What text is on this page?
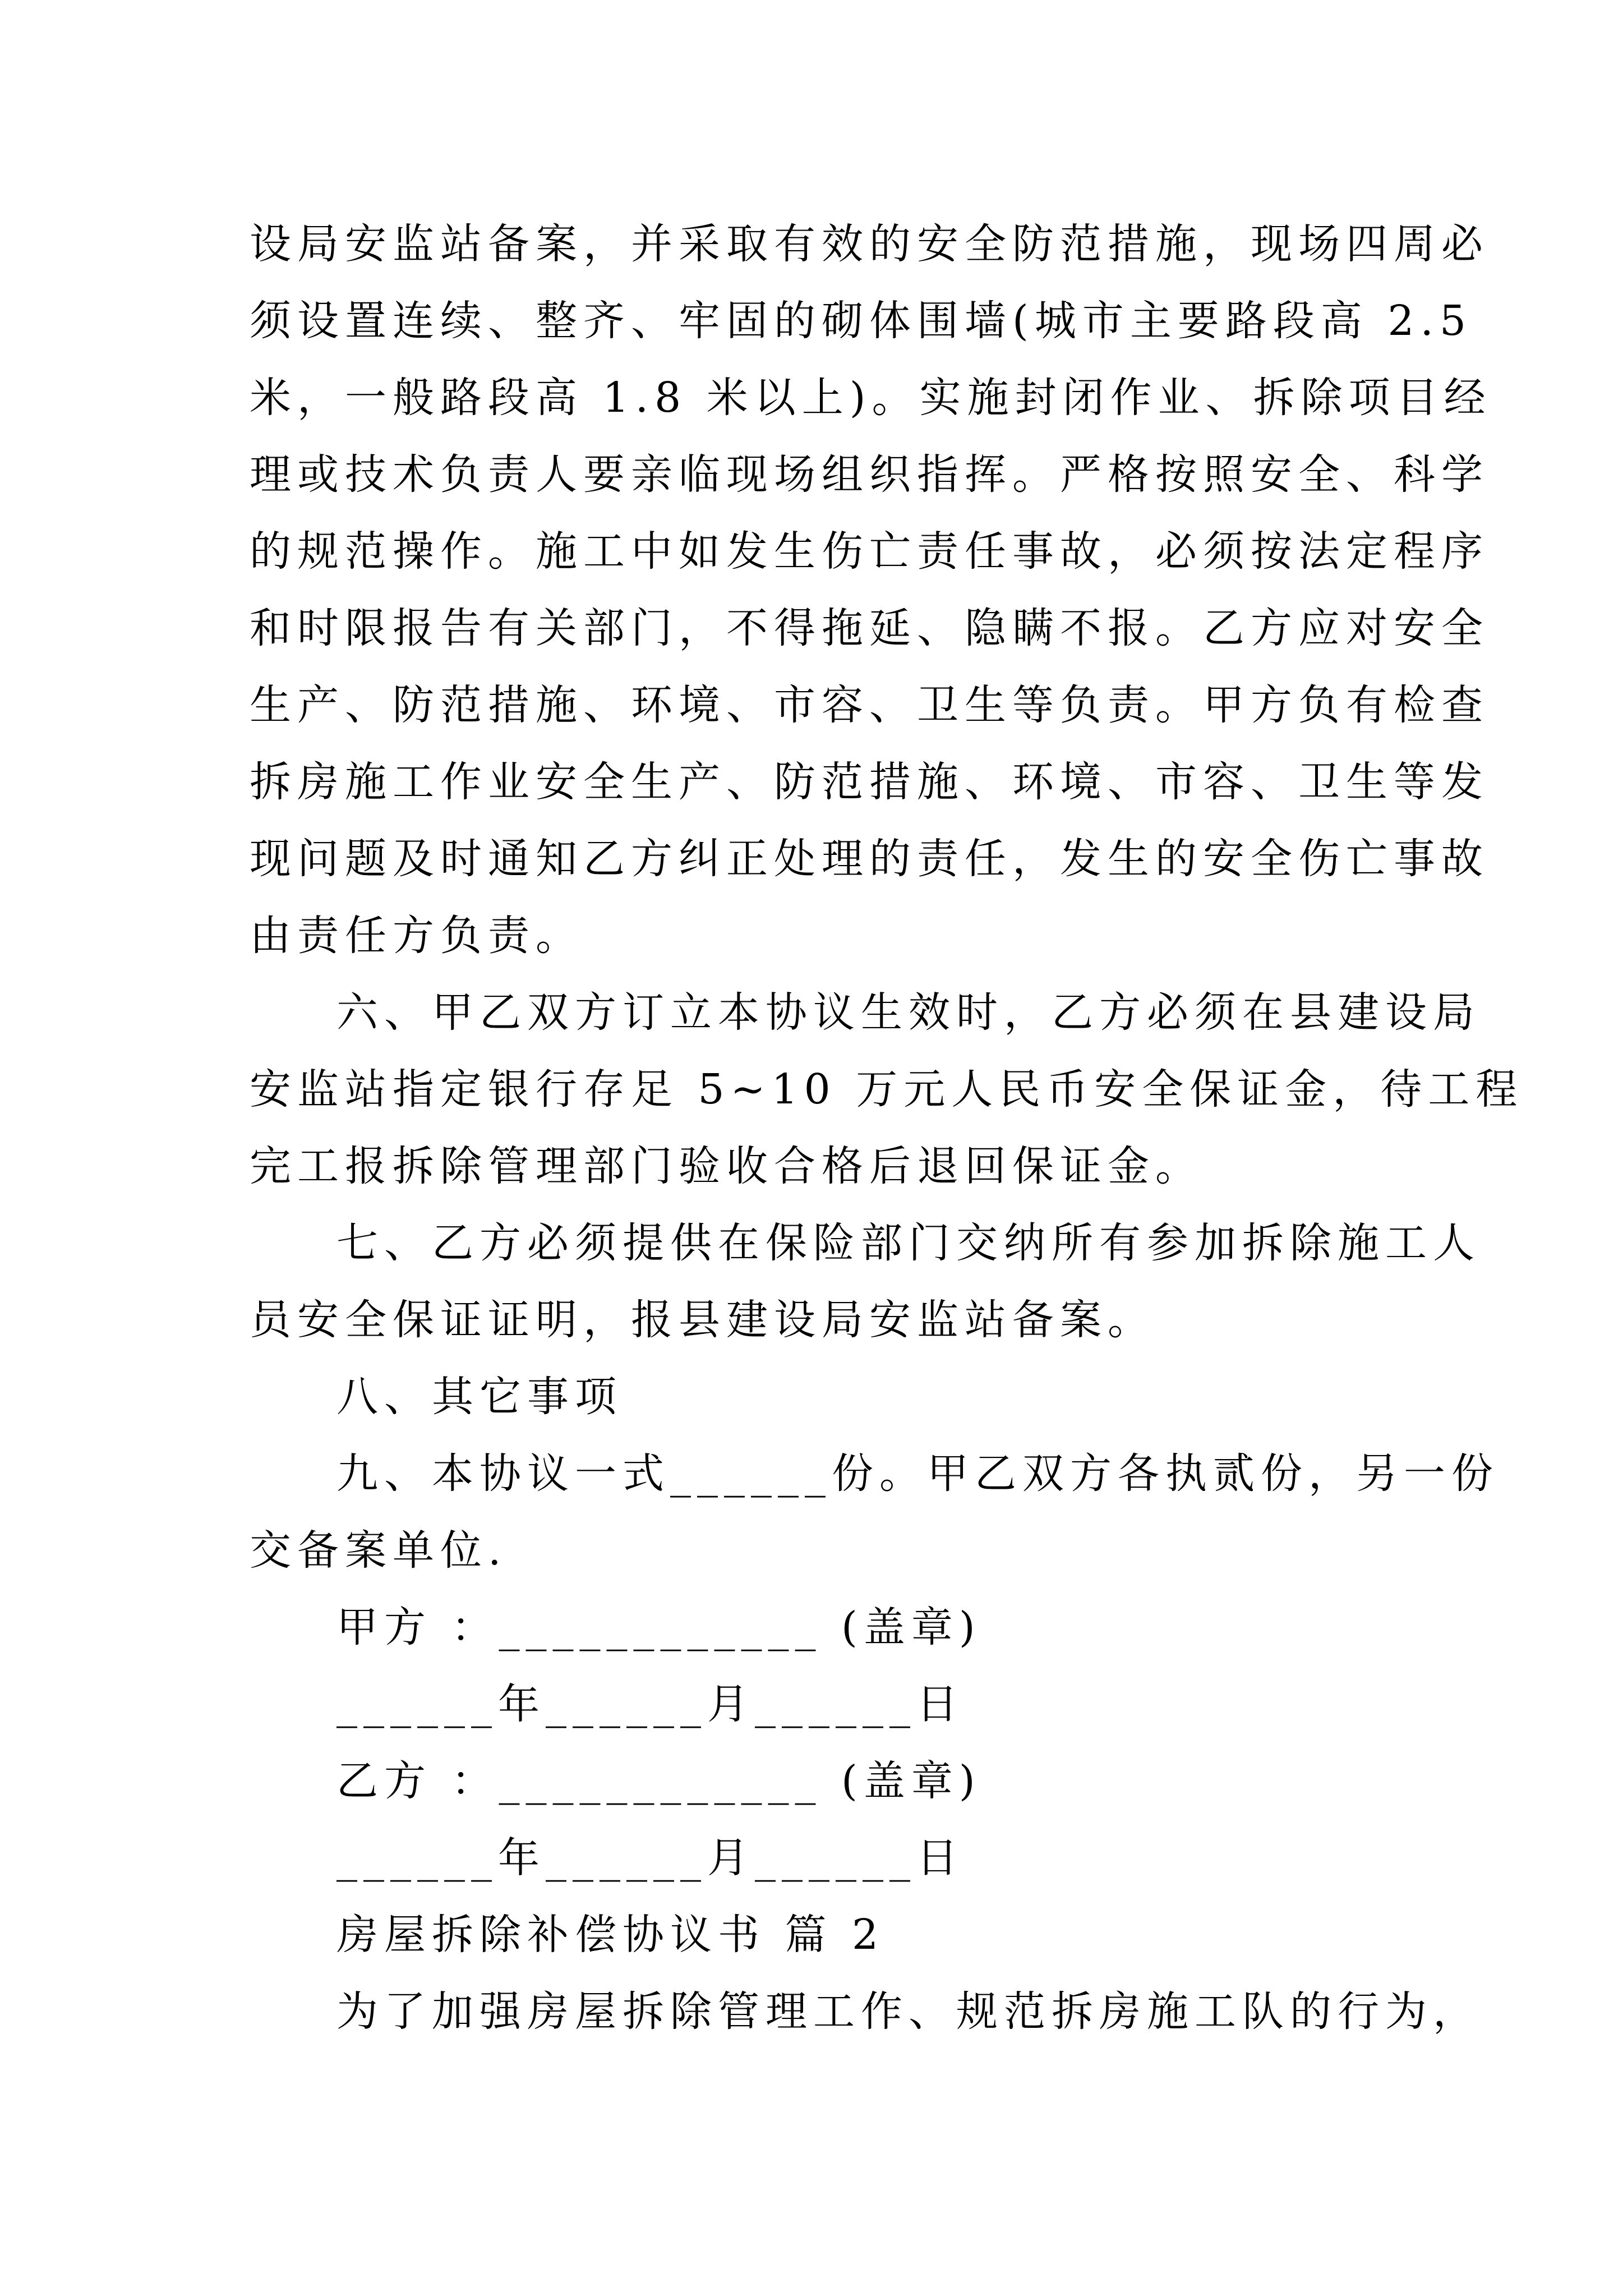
设局安监站备案，并采取有效的安全防范措施，现场四周必
须设置连续、整齐、牢固的砌体围墙(城市主要路段高 2.5
米，一般路段高 1.8 米以上)。实施封闭作业、拆除项目经
理或技术负责人要亲临现场组织指挥。严格按照安全、科学
的规范操作。施工中如发生伤亡责任事故，必须按法定程序
和时限报告有关部门，不得拖延、隐瞒不报。乙方应对安全
生产、防范措施、环境、市容、卫生等负责。甲方负有检查
拆房施工作业安全生产、防范措施、环境、市容、卫生等发
现问题及时通知乙方纠正处理的责任，发生的安全伤亡事故
由责任方负责。
六、甲乙双方订立本协议生效时，乙方必须在县建设局
安监站指定银行存足 5~10 万元人民币安全保证金，待工程
完工报拆除管理部门验收合格后退回保证金。
七、乙方必须提供在保险部门交纳所有参加拆除施工人
员安全保证证明，报县建设局安监站备案。
八、其它事项
九、本协议一式______份。甲乙双方各执贰份，另一份
交备案单位.
甲方 ：____________ (盖章)
______年______月______日
乙方 ：____________ (盖章)
______年______月______日
房屋拆除补偿协议书 篇 2
为了加强房屋拆除管理工作、规范拆房施工队的行为，
